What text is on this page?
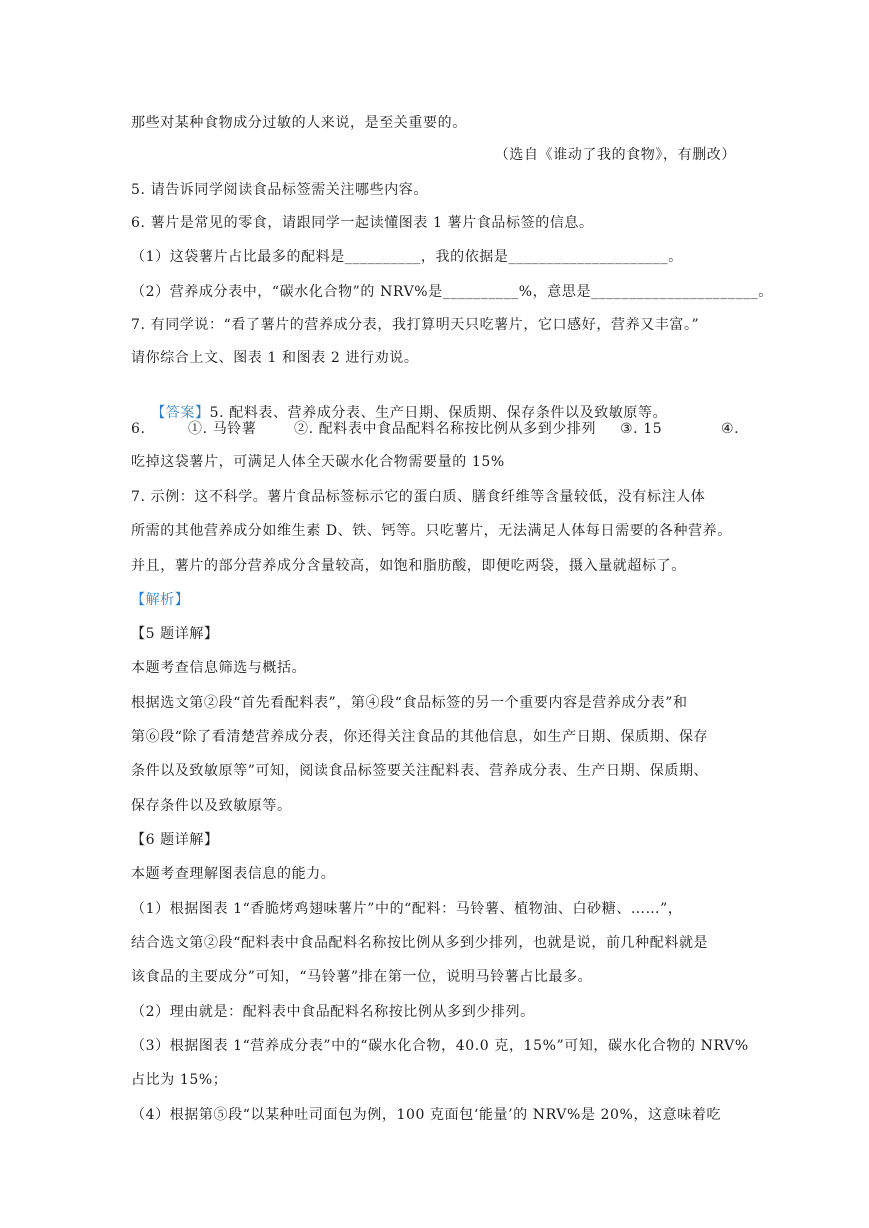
那些对某种食物成分过敏的人来说，是至关重要的。
（选自《谁动了我的食物》，有删改）
5. 请告诉同学阅读食品标签需关注哪些内容。
6. 薯片是常见的零食，请跟同学一起读懂图表 1 薯片食品标签的信息。
（1）这袋薯片占比最多的配料是__________，我的依据是_____________________。
（2）营养成分表中，“碳水化合物”的 NRV%是__________%，意思是______________________。
7. 有同学说：“看了薯片的营养成分表，我打算明天只吃薯片，它口感好，营养又丰富。”
请你综合上文、图表 1 和图表 2 进行劝说。

【答案】5. 配料表、营养成分表、生产日期、保质期、保存条件以及致敏原等。

6.

	①. 马铃薯

	②. 配料表中食品配料名称按比例从多到少排列

③. 15

	④.

吃掉这袋薯片，可满足人体全天碳水化合物需要量的 15%
7. 示例：这不科学。薯片食品标签标示它的蛋白质、膳食纤维等含量较低，没有标注人体
所需的其他营养成分如维生素 D、铁、钙等。只吃薯片，无法满足人体每日需要的各种营养。
并且，薯片的部分营养成分含量较高，如饱和脂肪酸，即便吃两袋，摄入量就超标了。
【解析】
【5 题详解】
本题考查信息筛选与概括。
根据选文第②段“首先看配料表”，第④段“食品标签的另一个重要内容是营养成分表”和
第⑥段“除了看清楚营养成分表，你还得关注食品的其他信息，如生产日期、保质期、保存
条件以及致敏原等”可知，阅读食品标签要关注配料表、营养成分表、生产日期、保质期、
保存条件以及致敏原等。
【6 题详解】
本题考查理解图表信息的能力。
（1）根据图表 1“香脆烤鸡翅味薯片”中的“配料：马铃薯、植物油、白砂糖、……”，
结合选文第②段“配料表中食品配料名称按比例从多到少排列，也就是说，前几种配料就是
该食品的主要成分”可知，“马铃薯”排在第一位，说明马铃薯占比最多。
（2）理由就是：配料表中食品配料名称按比例从多到少排列。
（3）根据图表 1“营养成分表”中的“碳水化合物，40.0 克，15%”可知，碳水化合物的 NRV%
占比为 15%；
（4）根据第⑤段“以某种吐司面包为例，100 克面包‘能量’的 NRV%是 20%，这意味着吃
